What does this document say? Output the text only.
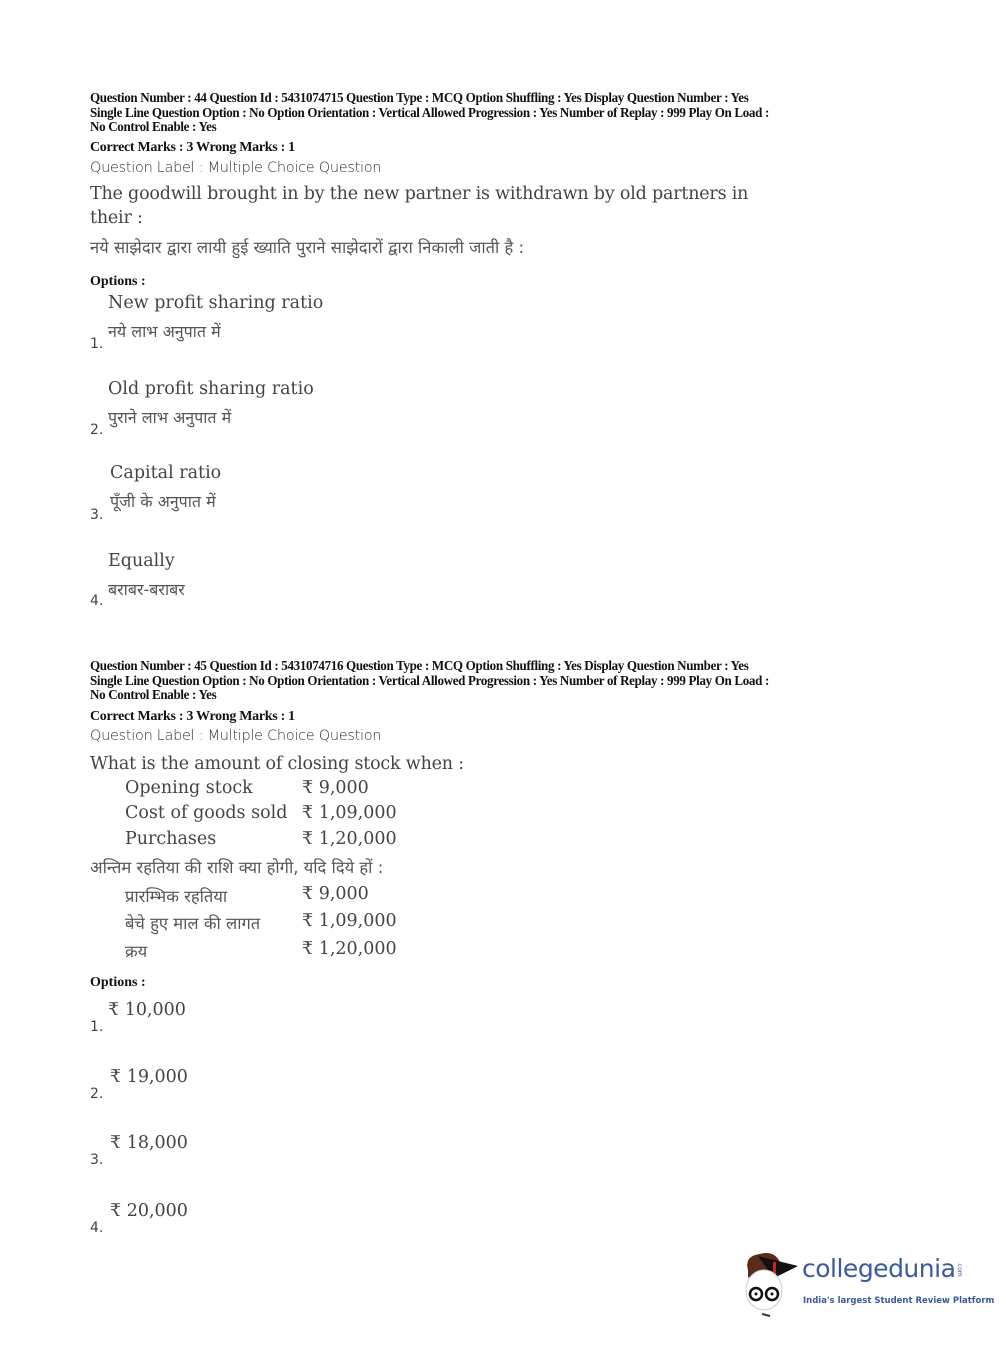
Question Number : 44 Question Id : 5431074715 Question Type : MCQ Option Shuffling : Yes Display Question Number : Yes
Single Line Question Option : No Option Orientation : Vertical Allowed Progression : Yes Number of Replay : 999 Play On Load :
No Control Enable : Yes
Correct Marks : 3 Wrong Marks : 1
Question Label : Multiple Choice Question
The goodwill brought in by the new partner is withdrawn by old partners in
their :
नये साझेदार द्वारा लायी हुई ख्याति पुराने साझेदारों द्वारा निकाली जाती है :
Options :
New profit sharing ratio
नये लाभ अनुपात में
1.
Old profit sharing ratio
पुराने लाभ अनुपात में
2.
Capital ratio
पूँजी के अनुपात में
3.
Equally
बराबर-बराबर
4.
Question Number : 45 Question Id : 5431074716 Question Type : MCQ Option Shuffling : Yes Display Question Number : Yes
Single Line Question Option : No Option Orientation : Vertical Allowed Progression : Yes Number of Replay : 999 Play On Load :
No Control Enable : Yes
Correct Marks : 3 Wrong Marks : 1
Question Label : Multiple Choice Question
What is the amount of closing stock when :
Opening stock	₹ 9,000
Cost of goods sold ₹ 1,09,000
Purchases	₹ 1,20,000
अन्तिम रहतिया की राशि क्या होगी, यदि दिये हों :
प्रारम्भिक रहतिया	₹ 9,000
बेचे हुए माल की लागत ₹ 1,09,000
क्रय	₹ 1,20,000
Options :
₹ 10,000
1.
₹ 19,000
2.
₹ 18,000
3.
₹ 20,000
4.
collegedunia .com
India's largest Student Review Platform
